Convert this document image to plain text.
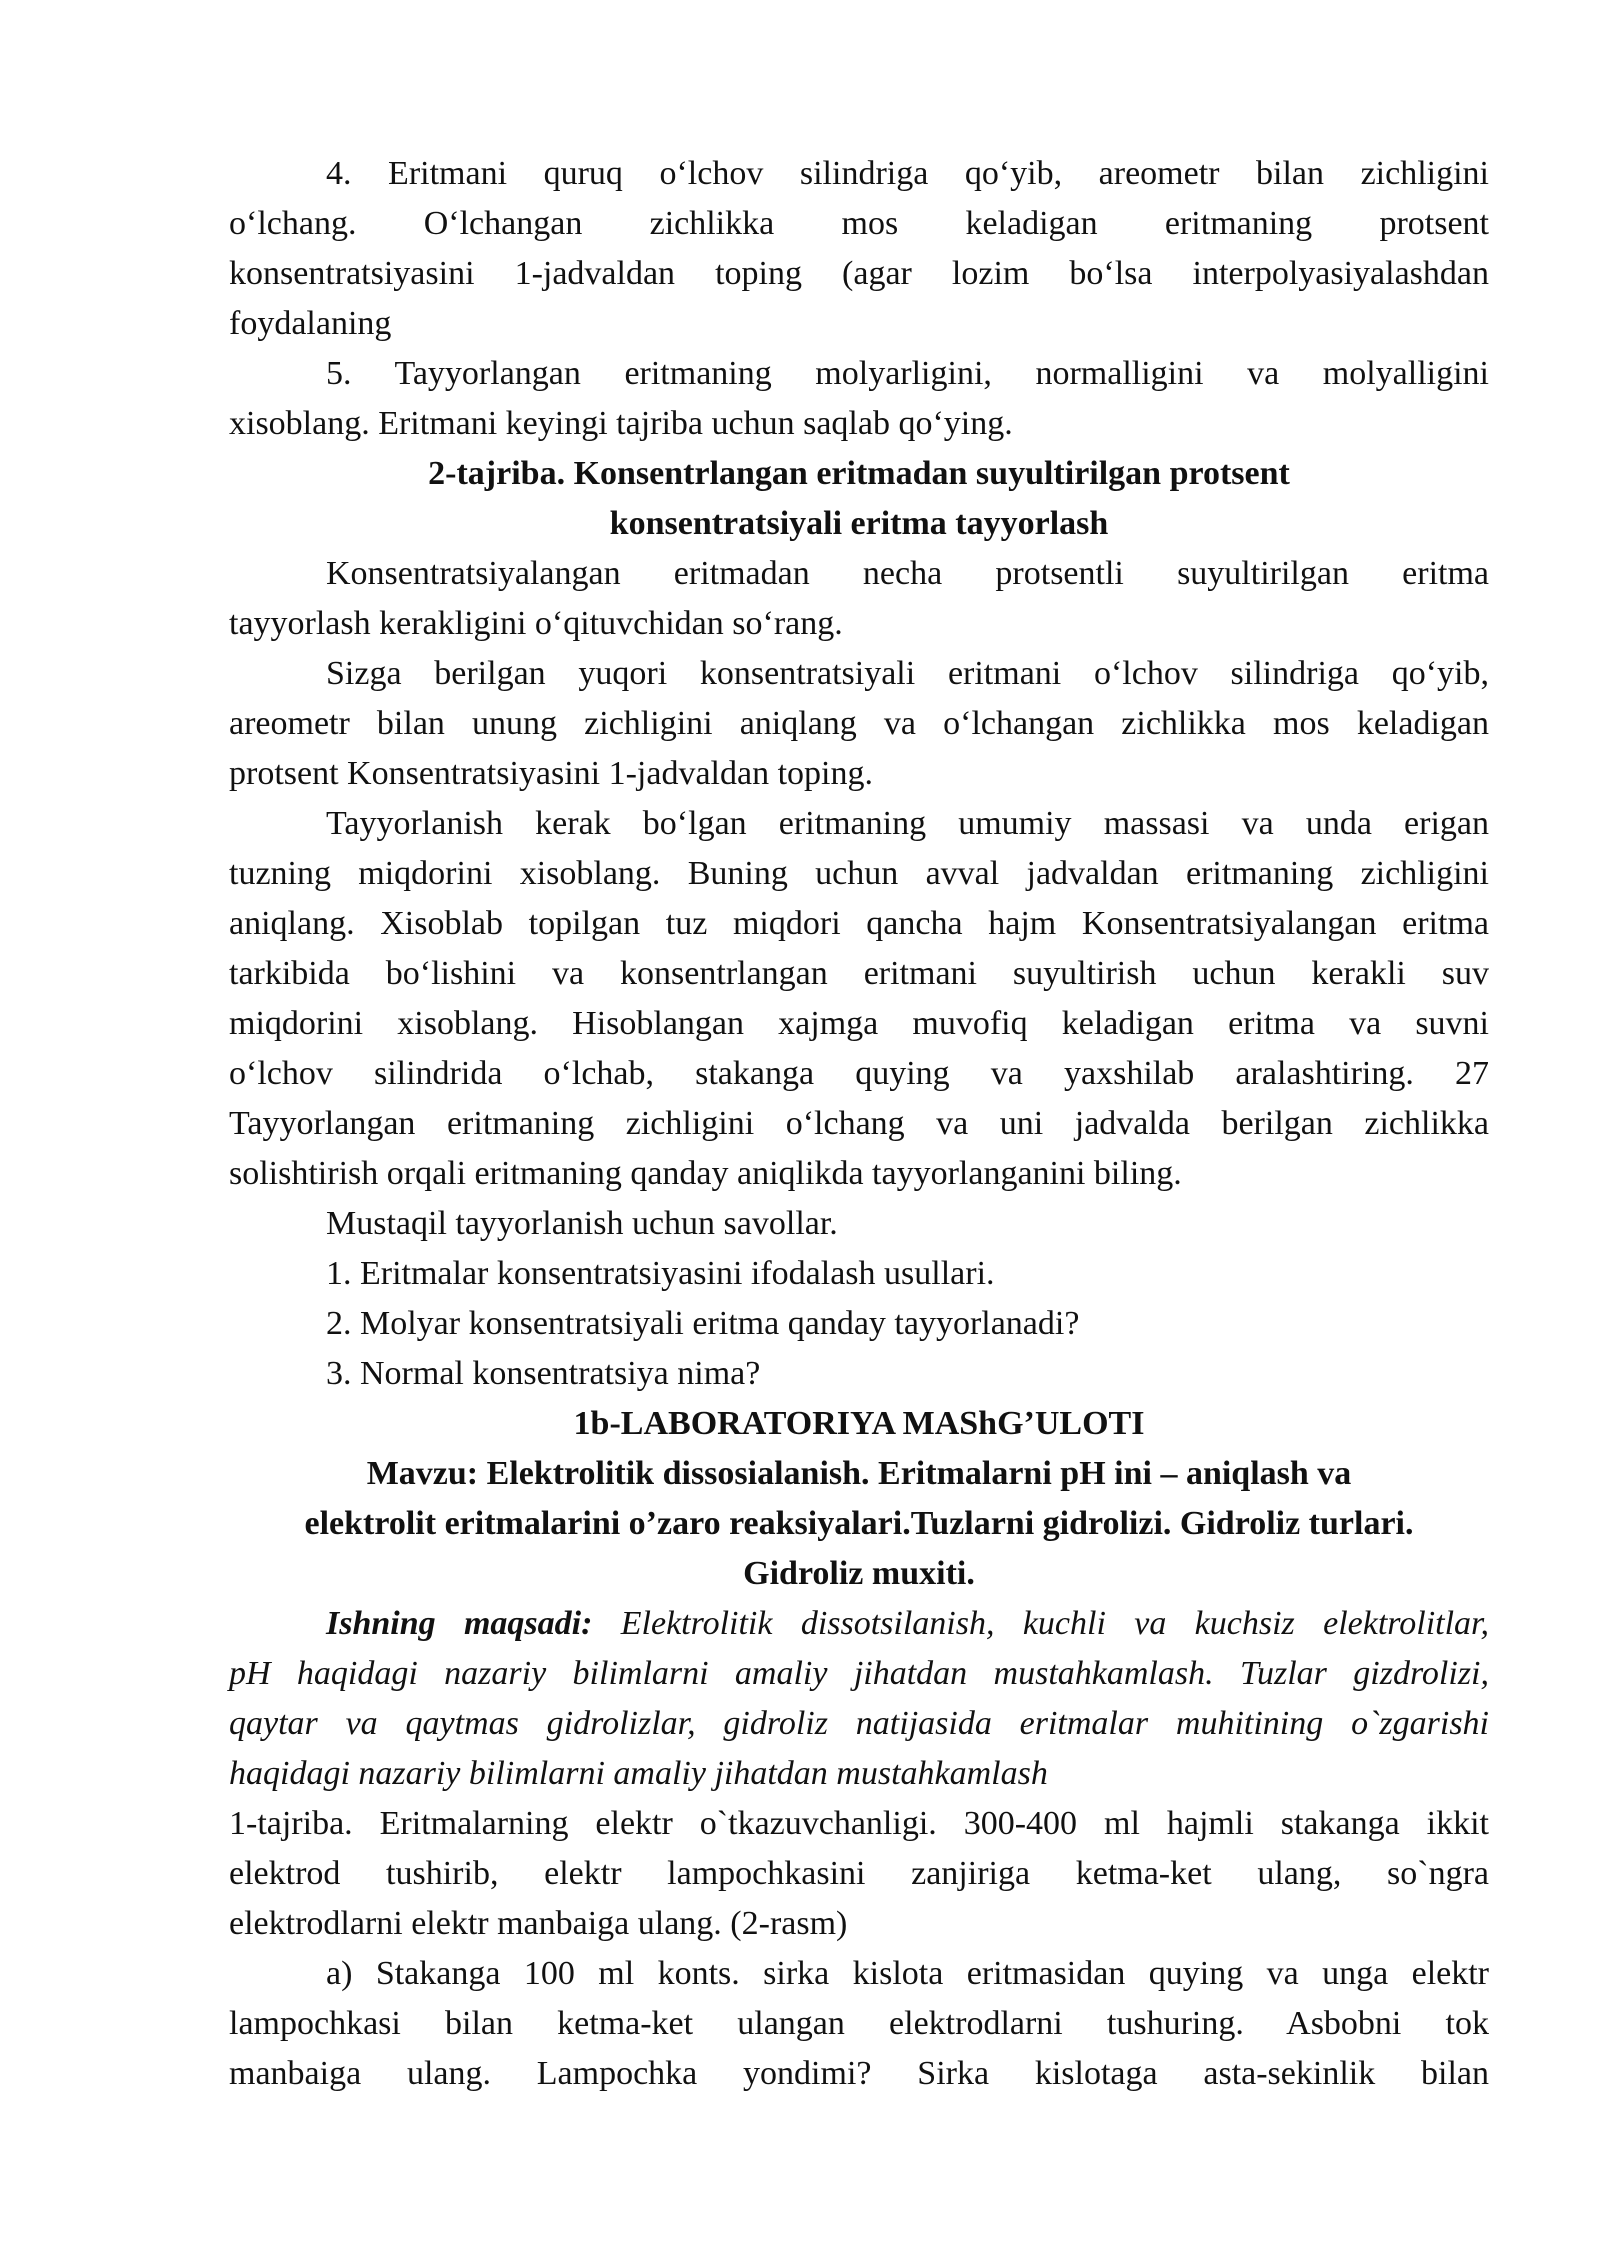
4. Eritmani quruq o‘lchov silindriga qo‘yib, areometr bilan zichligini
o‘lchang. O‘lchangan zichlikka mos keladigan eritmaning protsent
konsentratsiyasini 1-jadvaldan toping (agar lozim bo‘lsa interpolyasiyalashdan
foydalaning
5. Tayyorlangan eritmaning molyarligini, normalligini va molyalligini
xisoblang. Eritmani keyingi tajriba uchun saqlab qo‘ying.
2-tajriba. Konsentrlangan eritmadan suyultirilgan protsent
konsentratsiyali eritma tayyorlash
Konsentratsiyalangan eritmadan necha protsentli suyultirilgan eritma
tayyorlash kerakligini o‘qituvchidan so‘rang.
Sizga berilgan yuqori konsentratsiyali eritmani o‘lchov silindriga qo‘yib,
areometr bilan unung zichligini aniqlang va o‘lchangan zichlikka mos keladigan
protsent Konsentratsiyasini 1-jadvaldan toping.
Tayyorlanish kerak bo‘lgan eritmaning umumiy massasi va unda erigan
tuzning miqdorini xisoblang. Buning uchun avval jadvaldan eritmaning zichligini
aniqlang. Xisoblab topilgan tuz miqdori qancha hajm Konsentratsiyalangan eritma
tarkibida bo‘lishini va konsentrlangan eritmani suyultirish uchun kerakli suv
miqdorini xisoblang. Hisoblangan xajmga muvofiq keladigan eritma va suvni
o‘lchov silindrida o‘lchab, stakanga quying va yaxshilab aralashtiring. 27
Tayyorlangan eritmaning zichligini o‘lchang va uni jadvalda berilgan zichlikka
solishtirish orqali eritmaning qanday aniqlikda tayyorlanganini biling.
Mustaqil tayyorlanish uchun savollar.
1. Eritmalar konsentratsiyasini ifodalash usullari.
2. Molyar konsentratsiyali eritma qanday tayyorlanadi?
3. Normal konsentratsiya nima?
1b-LABORATORIYA MAShG’ULOTI
Mavzu: Elektrolitik dissosialanish. Eritmalarni pH ini – aniqlash va
elektrolit eritmalarini o’zaro reaksiyalari.Tuzlarni gidrolizi. Gidroliz turlari.
Gidroliz muxiti.
Ishning maqsadi: Elektrolitik dissotsilanish, kuchli va kuchsiz elektrolitlar,
pH haqidagi nazariy bilimlarni amaliy jihatdan mustahkamlash. Tuzlar gizdrolizi,
qaytar va qaytmas gidrolizlar, gidroliz natijasida eritmalar muhitining o`zgarishi
haqidagi nazariy bilimlarni amaliy jihatdan mustahkamlash
1-tajriba. Eritmalarning elektr o`tkazuvchanligi. 300-400 ml hajmli stakanga ikkit
elektrod tushirib, elektr lampochkasini zanjiriga ketma-ket ulang, so`ngra
elektrodlarni elektr manbaiga ulang. (2-rasm)
a) Stakanga 100 ml konts. sirka kislota eritmasidan quying va unga elektr
lampochkasi bilan ketma-ket ulangan elektrodlarni tushuring. Asbobni tok
manbaiga ulang. Lampochka yondimi? Sirka kislotaga asta-sekinlik bilan
